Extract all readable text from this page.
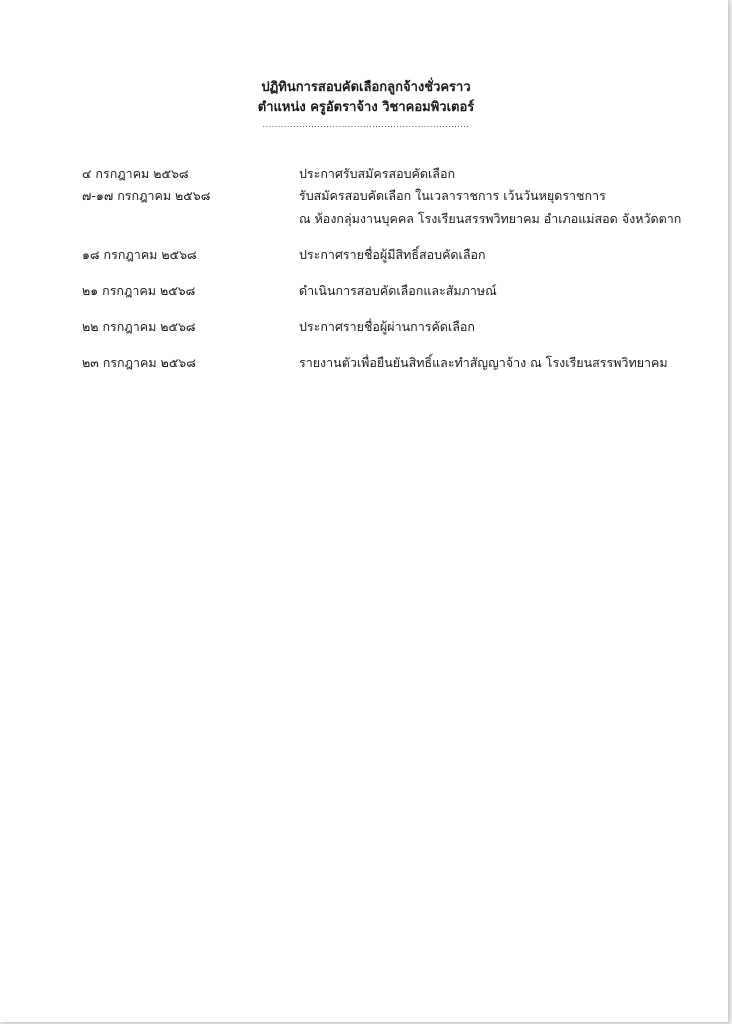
ปฏิทินการสอบคัดเลือกลูกจ้างชั่วคราว
ตำแหน่ง ครูอัตราจ้าง วิชาคอมพิวเตอร์
....................................................................
๔ กรกฎาคม ๒๕๖๘	ประกาศรับสมัครสอบคัดเลือก
๗-๑๗ กรกฎาคม ๒๕๖๘	รับสมัครสอบคัดเลือก ในเวลาราชการ เว้นวันหยุดราชการ
ณ ห้องกลุ่มงานบุคคล โรงเรียนสรรพวิทยาคม อำเภอแม่สอด จังหวัดตาก
๑๘ กรกฎาคม ๒๕๖๘	ประกาศรายชื่อผู้มีสิทธิ์สอบคัดเลือก
๒๑ กรกฎาคม ๒๕๖๘	ดำเนินการสอบคัดเลือกและสัมภาษณ์
๒๒ กรกฎาคม ๒๕๖๘	ประกาศรายชื่อผู้ผ่านการคัดเลือก
๒๓ กรกฎาคม ๒๕๖๘	รายงานตัวเพื่อยืนยันสิทธิ์และทำสัญญาจ้าง ณ โรงเรียนสรรพวิทยาคม
